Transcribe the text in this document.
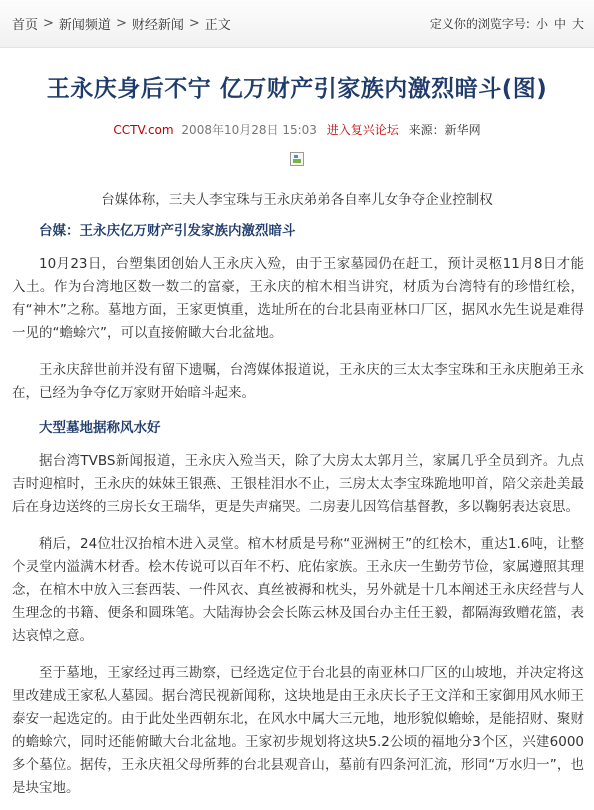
首页 > 新闻频道 > 财经新闻 > 正文	定义你的浏览字号: 小 中 大
王永庆身后不宁 亿万财产引家族内激烈暗斗(图)
CCTV.com 2008年10月28日 15:03 进入复兴论坛 来源：新华网
台媒体称，三夫人李宝珠与王永庆弟弟各自率儿女争夺企业控制权
台媒：王永庆亿万财产引发家族内激烈暗斗

10月23日，台塑集团创始人王永庆入殓，由于王家墓园仍在赶工，预计灵柩11月8日才能入土。作为台湾地区数一数二的富豪，王永庆的棺木相当讲究，材质为台湾特有的珍惜红桧，有“神木”之称。墓地方面，王家更慎重，选址所在的台北县南亚林口厂区，据风水先生说是难得一见的“蟾蜍穴”，可以直接俯瞰大台北盆地。

王永庆辞世前并没有留下遗嘱，台湾媒体报道说，王永庆的三太太李宝珠和王永庆胞弟王永在，已经为争夺亿万家财开始暗斗起来。

大型墓地据称风水好

据台湾TVBS新闻报道，王永庆入殓当天，除了大房太太郭月兰，家属几乎全员到齐。九点吉时迎棺时，王永庆的妹妹王银燕、王银桂泪水不止，三房太太李宝珠跪地叩首，陪父亲赴美最后在身边送终的三房长女王瑞华，更是失声痛哭。二房妻儿因笃信基督教，多以鞠躬表达哀思。

稍后，24位壮汉抬棺木进入灵堂。棺木材质是号称“亚洲树王”的红桧木，重达1.6吨，让整个灵堂内溢满木材香。桧木传说可以百年不朽、庇佑家族。王永庆一生勤劳节俭，家属遵照其理念，在棺木中放入三套西装、一件风衣、真丝被褥和枕头，另外就是十几本阐述王永庆经营与人生理念的书籍、便条和圆珠笔。大陆海协会会长陈云林及国台办主任王毅，都隔海致赠花篮，表达哀悼之意。

至于墓地，王家经过再三勘察，已经选定位于台北县的南亚林口厂区的山坡地，并决定将这里改建成王家私人墓园。据台湾民视新闻称，这块地是由王永庆长子王文洋和王家御用风水师王泰安一起选定的。由于此处坐西朝东北，在风水中属大三元地，地形貌似蟾蜍，是能招财、聚财的蟾蜍穴，同时还能俯瞰大台北盆地。王家初步规划将这块5.2公顷的福地分3个区，兴建6000多个墓位。据传，王永庆祖父母所葬的台北县观音山，墓前有四条河汇流，形同“万水归一”，也是块宝地。
